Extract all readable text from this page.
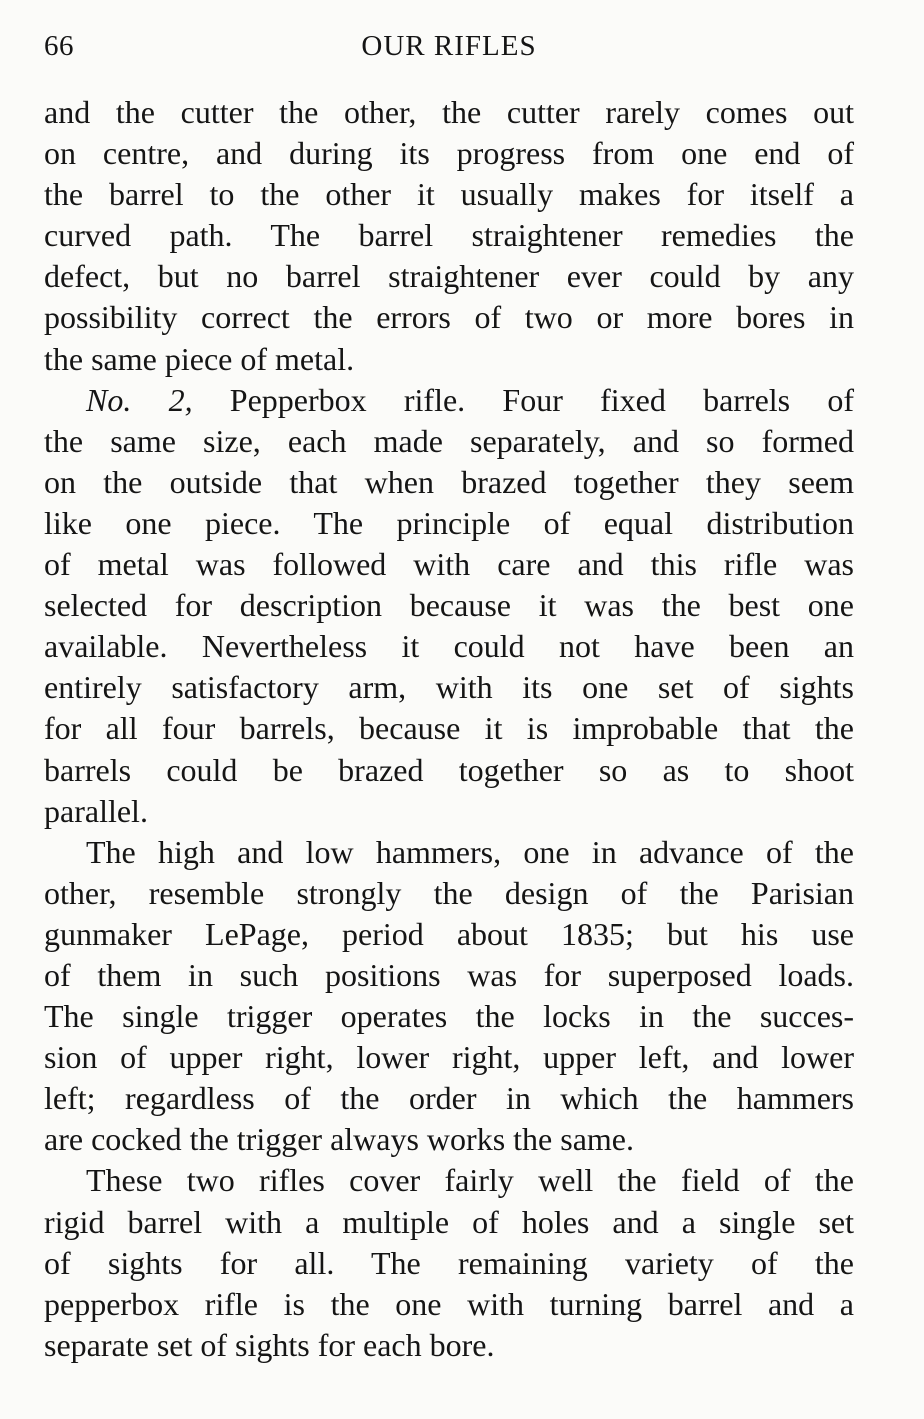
66	OUR RIFLES
and the cutter the other, the cutter rarely comes out
on centre, and during its progress from one end of
the barrel to the other it usually makes for itself a
curved path. The barrel straightener remedies the
defect, but no barrel straightener ever could by any
possibility correct the errors of two or more bores in
the same piece of metal.
No. 2, Pepperbox rifle. Four fixed barrels of
the same size, each made separately, and so formed
on the outside that when brazed together they seem
like one piece. The principle of equal distribution
of metal was followed with care and this rifle was
selected for description because it was the best one
available. Nevertheless it could not have been an
entirely satisfactory arm, with its one set of sights
for all four barrels, because it is improbable that the
barrels could be brazed together so as to shoot
parallel.
The high and low hammers, one in advance of the
other, resemble strongly the design of the Parisian
gunmaker LePage, period about 1835; but his use
of them in such positions was for superposed loads.
The single trigger operates the locks in the succes-
sion of upper right, lower right, upper left, and lower
left; regardless of the order in which the hammers
are cocked the trigger always works the same.
These two rifles cover fairly well the field of the
rigid barrel with a multiple of holes and a single set
of sights for all. The remaining variety of the
pepperbox rifle is the one with turning barrel and a
separate set of sights for each bore.
